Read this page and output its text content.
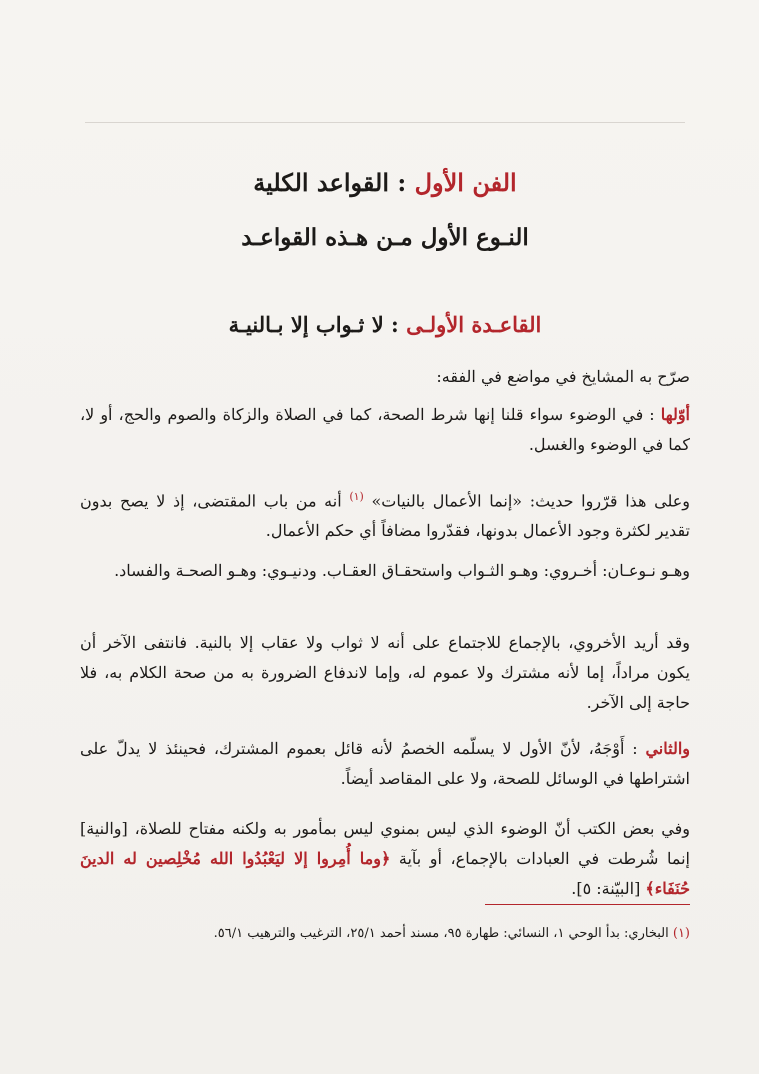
الفن الأول : القواعد الكلية
النـوع الأول مـن هـذه القواعـد
القاعـدة الأولـى : لا ثـواب إلا بـالنيـة
صرّح به المشايخ في مواضع في الفقه:
أوّلها : في الوضوء سواء قلنا إنها شرط الصحة، كما في الصلاة والزكاة والصوم والحج، أو لا، كما في الوضوء والغسل.
وعلى هذا قرّروا حديث: «إنما الأعمال بالنيات» $^{(١)}$ أنه من باب المقتضى، إذ لا يصح بدون تقدير لكثرة وجود الأعمال بدونها، فقدّروا مضافاً أي حكم الأعمال.
وهـو نـوعـان: أخـروي: وهـو الثـواب واستحقـاق العقـاب. ودنيـوي: وهـو الصحـة والفساد.
وقد أريد الأخروي، بالإجماع للاجتماع على أنه لا ثواب ولا عقاب إلا بالنية. فانتفى الآخر أن يكون مراداً، إما لأنه مشترك ولا عموم له، وإما لاندفاع الضرورة به من صحة الكلام به، فلا حاجة إلى الآخر.
والثاني : أَوْجَهُ، لأنّ الأول لا يسلّمه الخصمُ لأنه قائل بعموم المشترك، فحينئذ لا يدلّ على اشتراطها في الوسائل للصحة، ولا على المقاصد أيضاً.
وفي بعض الكتب أنّ الوضوء الذي ليس بمنوي ليس بمأمور به ولكنه مفتاح للصلاة، [والنية] إنما شُرطت في العبادات بالإجماع، أو بآية ﴿وما أُمِروا إلا ليَعْبُدُوا الله مُخْلِصين له الدينَ حُنَفَاء﴾ [البيّنة: ٥].
(١) البخاري: بدأ الوحي ١، النسائي: طهارة ٩٥، مسند أحمد ٢٥/١، الترغيب والترهيب ٥٦/١.
